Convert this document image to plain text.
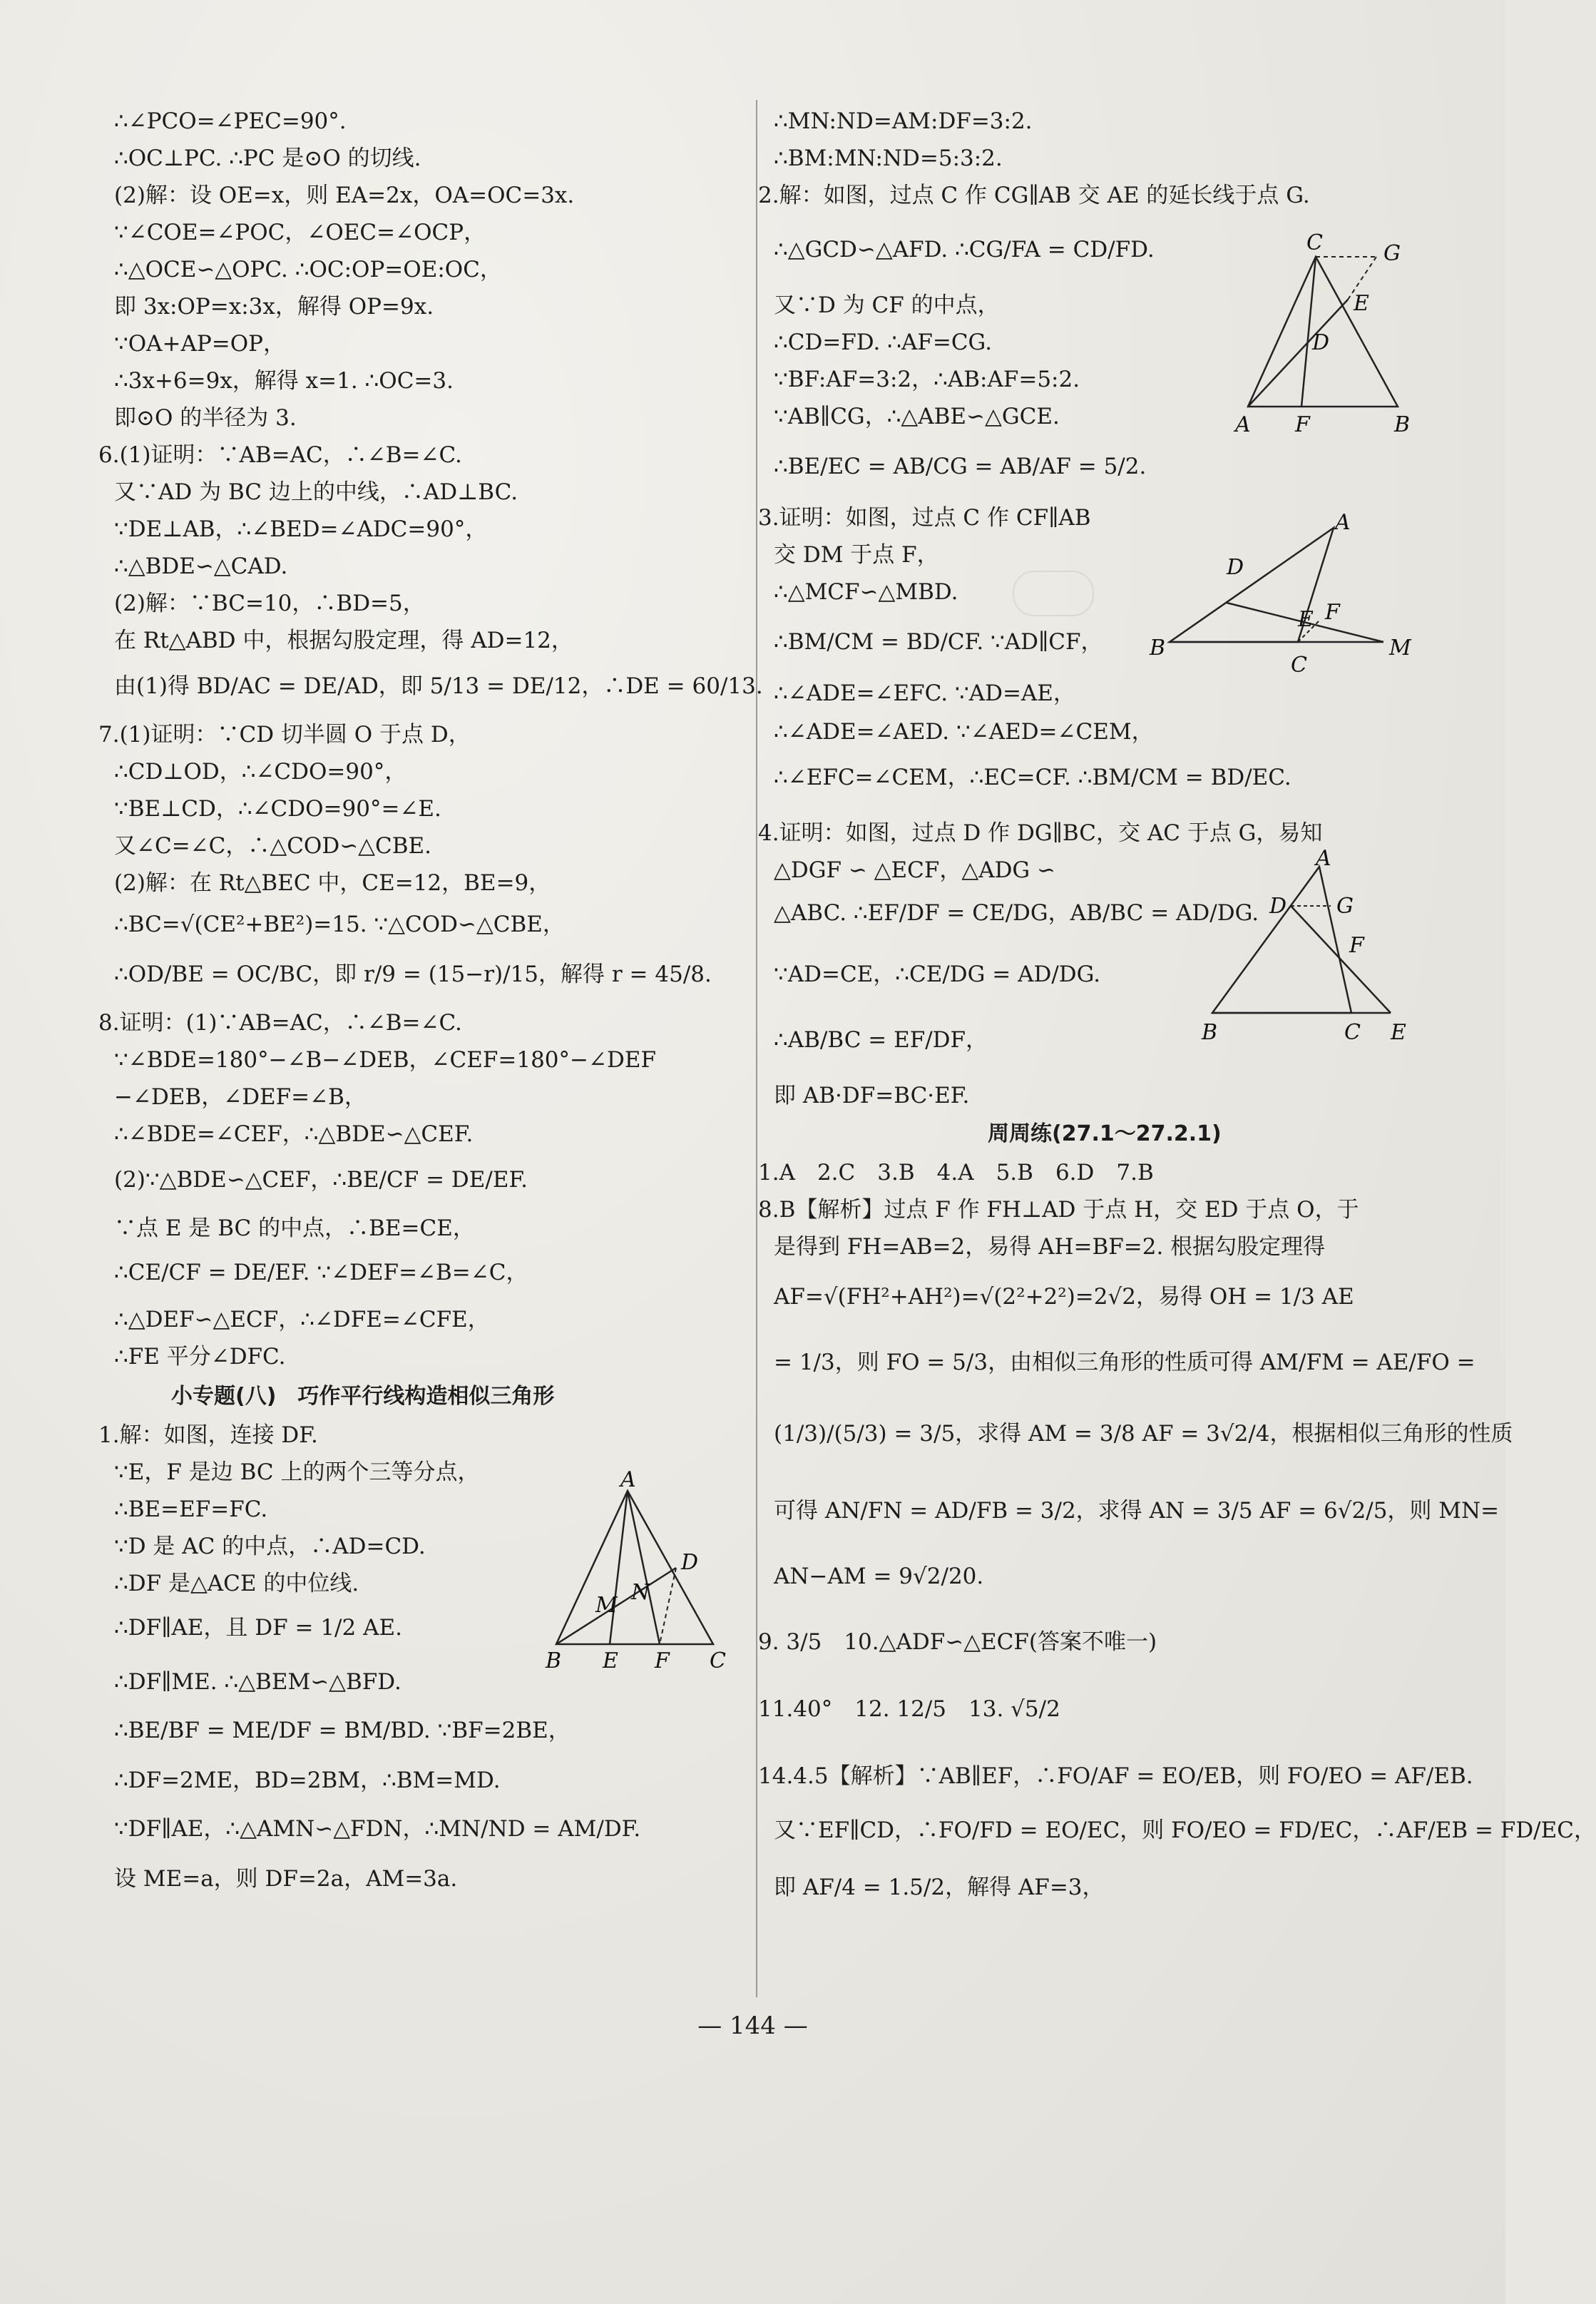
∴∠PCO=∠PEC=90°.
∴OC⊥PC. ∴PC 是⊙O 的切线.
(2)解：设 OE=x，则 EA=2x，OA=OC=3x.
∵∠COE=∠POC，∠OEC=∠OCP，
∴△OCE∽△OPC. ∴OC:OP=OE:OC，
即 3x:OP=x:3x，解得 OP=9x.
∵OA+AP=OP，
∴3x+6=9x，解得 x=1. ∴OC=3.
即⊙O 的半径为 3.
6.(1)证明：∵AB=AC，∴∠B=∠C.
又∵AD 为 BC 边上的中线，∴AD⊥BC.
∵DE⊥AB，∴∠BED=∠ADC=90°，
∴△BDE∽△CAD.
(2)解：∵BC=10，∴BD=5，
在 Rt△ABD 中，根据勾股定理，得 AD=12，
由(1)得 BD/AC = DE/AD，即 5/13 = DE/12，∴DE = 60/13.
7.(1)证明：∵CD 切半圆 O 于点 D，
∴CD⊥OD，∴∠CDO=90°，
∵BE⊥CD，∴∠CDO=90°=∠E.
又∠C=∠C，∴△COD∽△CBE.
(2)解：在 Rt△BEC 中，CE=12，BE=9，
∴BC=√(CE²+BE²)=15. ∵△COD∽△CBE，
∴OD/BE = OC/BC，即 r/9 = (15−r)/15，解得 r = 45/8.
8.证明：(1)∵AB=AC，∴∠B=∠C.
∵∠BDE=180°−∠B−∠DEB，∠CEF=180°−∠DEF
−∠DEB，∠DEF=∠B，
∴∠BDE=∠CEF，∴△BDE∽△CEF.
(2)∵△BDE∽△CEF，∴BE/CF = DE/EF.
∵点 E 是 BC 的中点，∴BE=CE，
∴CE/CF = DE/EF. ∵∠DEF=∠B=∠C，
∴△DEF∽△ECF，∴∠DFE=∠CFE，
∴FE 平分∠DFC.
小专题(八)　巧作平行线构造相似三角形
1.解：如图，连接 DF.
∵E，F 是边 BC 上的两个三等分点，
∴BE=EF=FC.
∵D 是 AC 的中点，∴AD=CD.
∴DF 是△ACE 的中位线.
∴DF∥AE，且 DF = 1/2 AE.
∴DF∥ME. ∴△BEM∽△BFD.
∴BE/BF = ME/DF = BM/BD. ∵BF=2BE，
∴DF=2ME，BD=2BM，∴BM=MD.
∵DF∥AE，∴△AMN∽△FDN，∴MN/ND = AM/DF.
设 ME=a，则 DF=2a，AM=3a.
A
D
M
N
B E F C
∴MN:ND=AM:DF=3:2.
∴BM:MN:ND=5:3:2.
2.解：如图，过点 C 作 CG∥AB 交 AE 的延长线于点 G.
∴△GCD∽△AFD. ∴CG/FA = CD/FD.
又∵D 为 CF 的中点，
∴CD=FD. ∴AF=CG.
∵BF:AF=3:2，∴AB:AF=5:2.
∵AB∥CG，∴△ABE∽△GCE.
∴BE/EC = AB/CG = AB/AF = 5/2.
3.证明：如图，过点 C 作 CF∥AB
交 DM 于点 F，
∴△MCF∽△MBD.
∴BM/CM = BD/CF. ∵AD∥CF，
∴∠ADE=∠EFC. ∵AD=AE，
∴∠ADE=∠AED. ∵∠AED=∠CEM，
∴∠EFC=∠CEM，∴EC=CF. ∴BM/CM = BD/EC.
4.证明：如图，过点 D 作 DG∥BC，交 AC 于点 G，易知
△DGF ∽ △ECF，△ADG ∽
△ABC. ∴EF/DF = CE/DG，AB/BC = AD/DG.
∵AD=CE，∴CE/DG = AD/DG.
∴AB/BC = EF/DF，
即 AB·DF=BC·EF.
周周练(27.1～27.2.1)
1.A　2.C　3.B　4.A　5.B　6.D　7.B
8.B【解析】过点 F 作 FH⊥AD 于点 H，交 ED 于点 O，于
是得到 FH=AB=2，易得 AH=BF=2. 根据勾股定理得
AF=√(FH²+AH²)=√(2²+2²)=2√2，易得 OH = 1/3 AE
= 1/3，则 FO = 5/3，由相似三角形的性质可得 AM/FM = AE/FO =
(1/3)/(5/3) = 3/5，求得 AM = 3/8 AF = 3√2/4，根据相似三角形的性质
可得 AN/FN = AD/FB = 3/2，求得 AN = 3/5 AF = 6√2/5，则 MN=
AN−AM = 9√2/20.
9. 3/5　10.△ADF∽△ECF(答案不唯一)
11.40°　12. 12/5　13. √5/2
14.4.5【解析】∵AB∥EF，∴FO/AF = EO/EB，则 FO/EO = AF/EB.
又∵EF∥CD，∴FO/FD = EO/EC，则 FO/EO = FD/EC，∴AF/EB = FD/EC，
即 AF/4 = 1.5/2，解得 AF=3，
C	G
E
D
A F	B
A
D
E F
B
C
M
A
D G
F
B	C E
— 144 —
